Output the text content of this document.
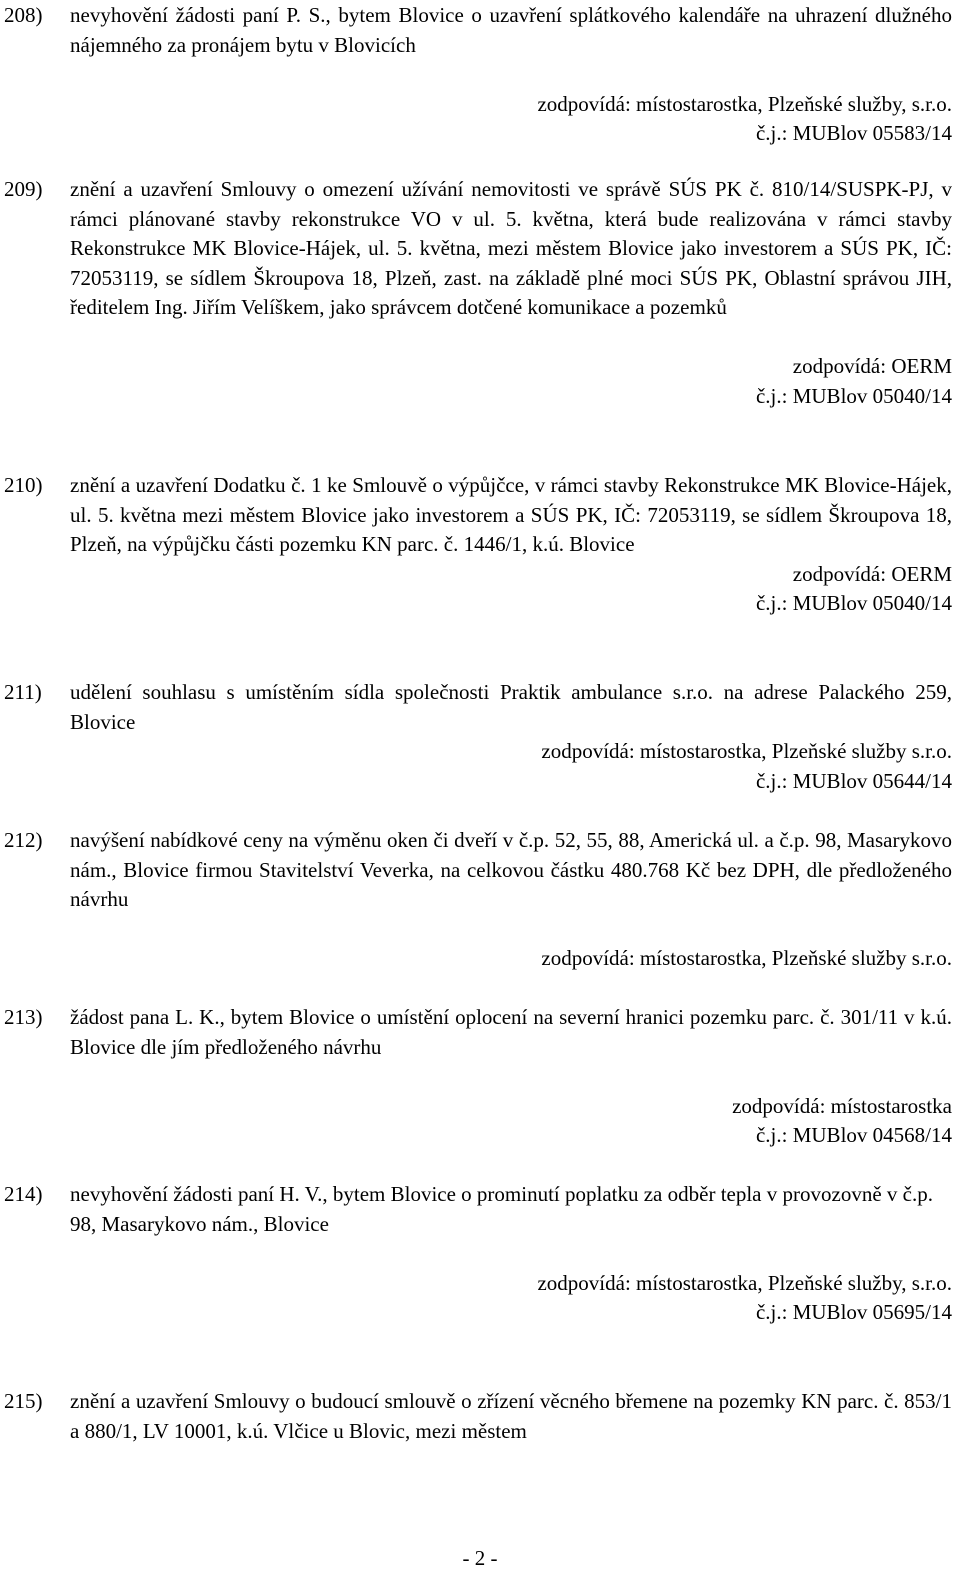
208)	nevyhovění žádosti paní P. S., bytem Blovice o uzavření splátkového kalendáře na uhrazení dlužného nájemného za pronájem bytu v Blovicích
zodpovídá: místostarostka, Plzeňské služby, s.r.o.
č.j.: MUBlov 05583/14
209)	znění a uzavření Smlouvy o omezení užívání nemovitosti ve správě SÚS PK č. 810/14/SUSPK-PJ, v rámci plánované stavby rekonstrukce VO v ul. 5. května, která bude realizována v rámci stavby Rekonstrukce MK Blovice-Hájek, ul. 5. května, mezi městem Blovice jako investorem a SÚS PK, IČ: 72053119, se sídlem Škroupova 18, Plzeň, zast. na základě plné moci SÚS PK, Oblastní správou JIH, ředitelem Ing. Jiřím Velíškem, jako správcem dotčené komunikace a pozemků
zodpovídá: OERM
č.j.: MUBlov 05040/14
210)	znění a uzavření Dodatku č. 1 ke Smlouvě o výpůjčce, v rámci stavby Rekonstrukce MK Blovice-Hájek, ul. 5. května mezi městem Blovice jako investorem a SÚS PK, IČ: 72053119, se sídlem Škroupova 18, Plzeň, na výpůjčku části pozemku KN parc. č. 1446/1, k.ú. Blovice
zodpovídá: OERM
č.j.: MUBlov 05040/14
211)	udělení souhlasu s umístěním sídla společnosti Praktik ambulance s.r.o. na adrese Palackého 259, Blovice
zodpovídá: místostarostka, Plzeňské služby s.r.o.
č.j.: MUBlov 05644/14
212)	navýšení nabídkové ceny na výměnu oken či dveří v č.p. 52, 55, 88, Americká ul. a č.p. 98, Masarykovo nám., Blovice firmou Stavitelství Veverka, na celkovou částku 480.768 Kč bez DPH, dle předloženého návrhu
zodpovídá: místostarostka, Plzeňské služby s.r.o.
213)	žádost pana L. K., bytem Blovice o umístění oplocení na severní hranici pozemku parc. č. 301/11 v k.ú. Blovice dle jím předloženého návrhu
zodpovídá: místostarostka
č.j.: MUBlov 04568/14
214)	nevyhovění žádosti paní H. V., bytem Blovice o prominutí poplatku za odběr tepla v provozovně v č.p. 98, Masarykovo nám., Blovice
zodpovídá: místostarostka, Plzeňské služby, s.r.o.
č.j.: MUBlov 05695/14
215)	znění a uzavření Smlouvy o budoucí smlouvě o zřízení věcného břemene na pozemky KN parc. č. 853/1 a 880/1, LV 10001, k.ú. Vlčice u Blovic, mezi městem
- 2 -
